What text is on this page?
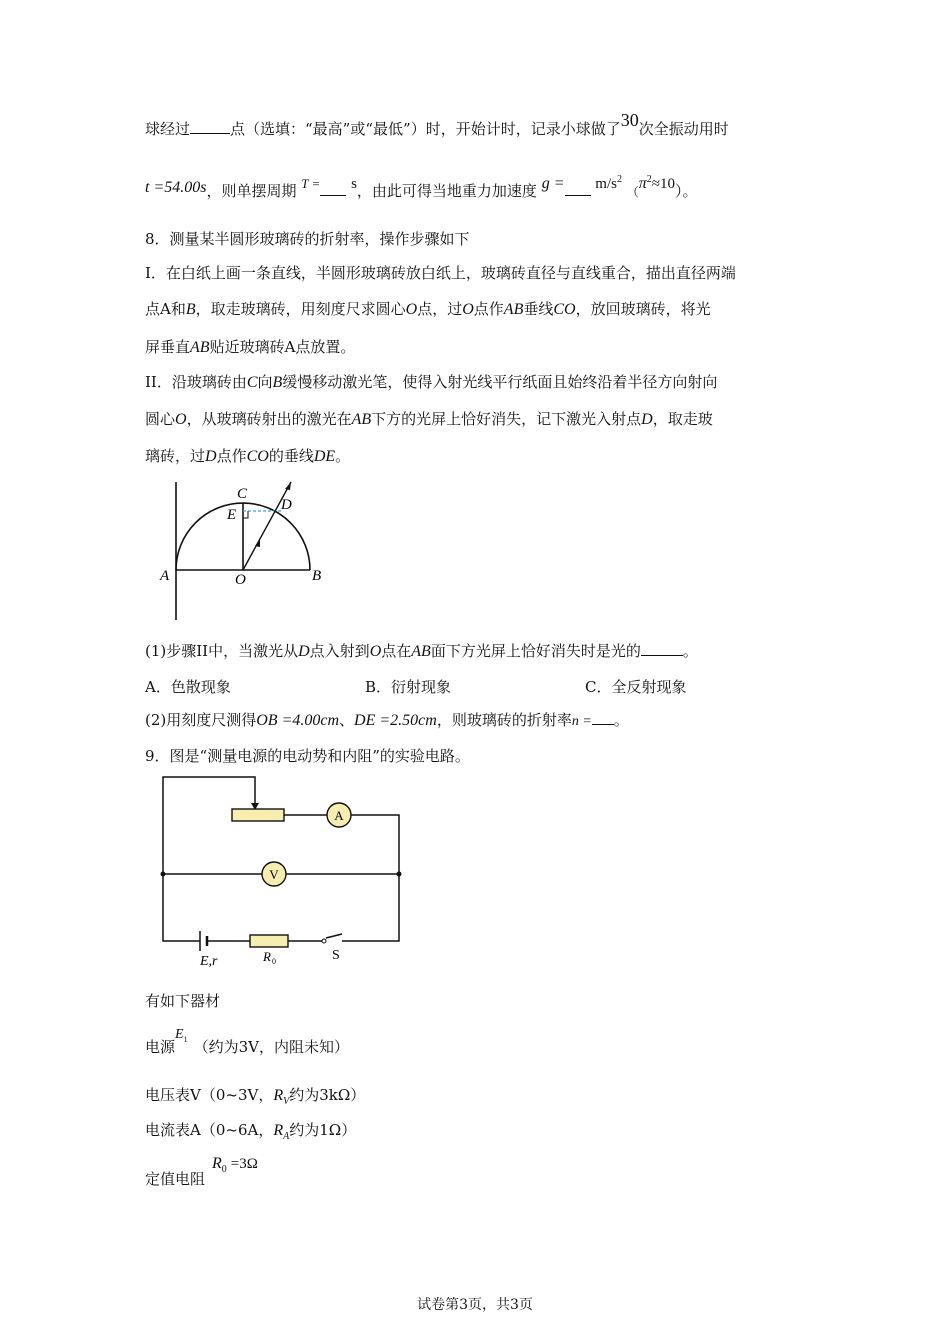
球经过	点（选填：“最高”或“最低”）时，开始计时，记录小球做了30次全振动用时
t =54.00s，则单摆周期 T = s，由此可得当地重力加速度 $g = m/s^2$ $(\pi^2\approx 10)$。
8．测量某半圆形玻璃砖的折射率，操作步骤如下
I．在白纸上画一条直线，半圆形玻璃砖放白纸上，玻璃砖直径与直线重合，描出直径两端
点A和B，取走玻璃砖，用刻度尺求圆心O点，过O点作AB垂线CO，放回玻璃砖，将光
屏垂直AB贴近玻璃砖A点放置。
II．沿玻璃砖由C向B缓慢移动激光笔，使得入射光线平行纸面且始终沿着半径方向射向
圆心O，从玻璃砖射出的激光在AB下方的光屏上恰好消失，记下激光入射点D，取走玻
璃砖，过D点作CO的垂线DE。
C
D
E
A	O	B
(1)步骤II中，当激光从D点入射到O点在AB面下方光屏上恰好消失时是光的	。
A．色散现象	B．衍射现象	C．全反射现象
(2)用刻度尺测得OB =4.00cm、DE =2.50cm，则玻璃砖的折射率n = 。
9．图是“测量电源的电动势和内阻”的实验电路。
A
V
E,r	R 0	S
有如下器材
电源$E^1$ （约为3V，内阻未知）
电压表V（0~3V，$R_V$约为3kΩ）
电流表A（0~6A，$R_A$约为1Ω）
定值电阻
$R_0 =3\Omega$
试卷第3页，共3页
